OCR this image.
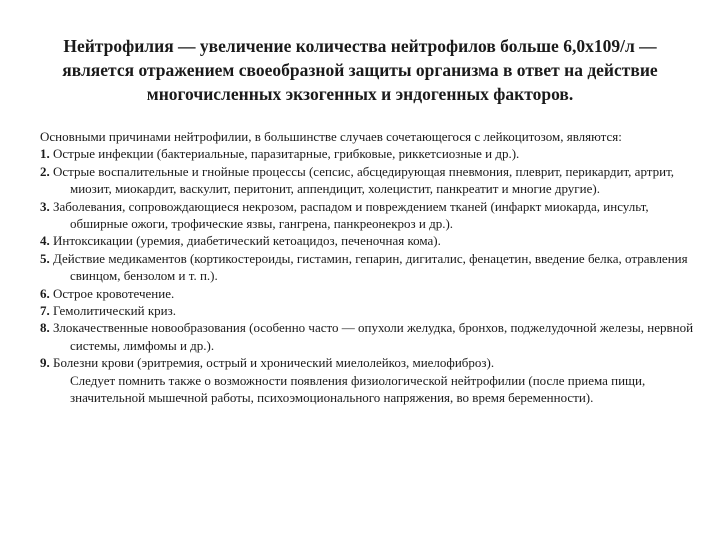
Нейтрофилия — увеличение количества нейтрофилов больше 6,0х109/л — является отражением своеобразной защиты организма в ответ на действие многочисленных экзогенных и эндогенных факторов.

Основными причинами нейтрофилии, в большинстве случаев сочетающегося с лейкоцитозом, являются:

1. Острые инфекции (бактериальные, паразитарные, грибковые, риккетсиозные и др.).

2. Острые воспалительные и гнойные процессы (сепсис, абсцедирующая пневмония, плеврит, перикардит, артрит, миозит, миокардит, васкулит, перитонит, аппендицит, холецистит, панкреатит и многие другие).

3. Заболевания, сопровождающиеся некрозом, распадом и повреждением тканей (инфаркт миокарда, инсульт, обширные ожоги, трофические язвы, гангрена, панкреонекроз и др.).

4. Интоксикации (уремия, диабетический кетоацидоз, печеночная кома).

5. Действие медикаментов (кортикостероиды, гистамин, гепарин, дигиталис, фенацетин, введение белка, отравления свинцом, бензолом и т. п.).

6. Острое кровотечение.

7. Гемолитический криз.

8. Злокачественные новообразования (особенно часто — опухоли желудка, бронхов, поджелудочной железы, нервной системы, лимфомы и др.).

9. Болезни крови (эритремия, острый и хронический миелолейкоз, миелофиброз).

Следует помнить также о возможности появления физиологической нейтрофилии (после приема пищи, значительной мышечной работы, психоэмоционального напряжения, во время беременности).
